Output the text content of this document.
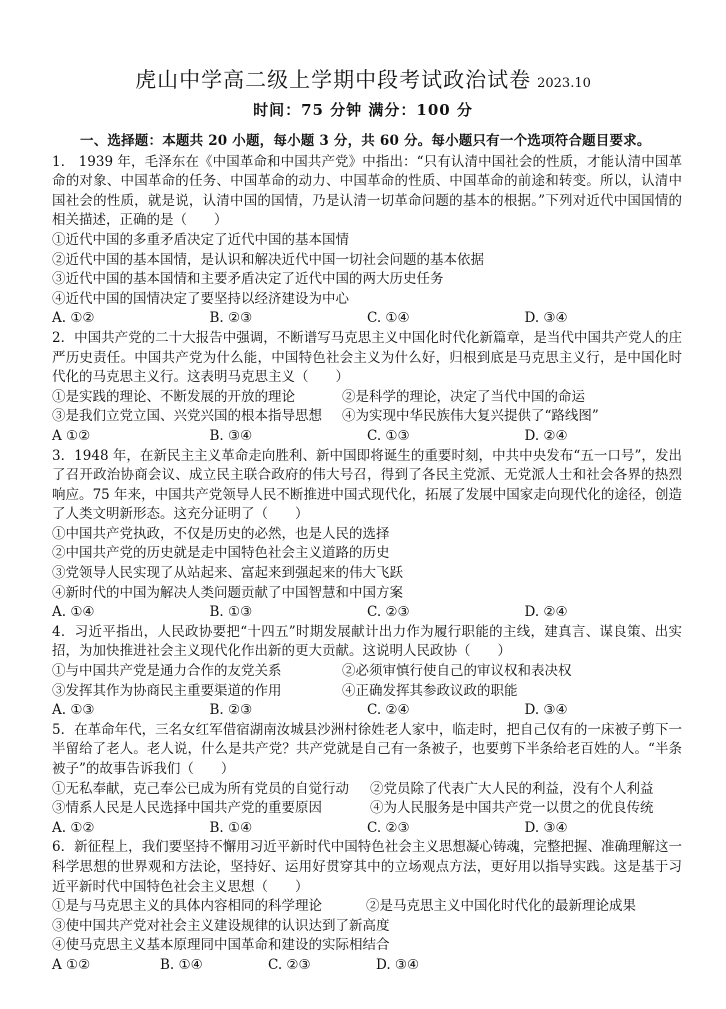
虎山中学高二级上学期中段考试政治试卷 2023.10
时间：75 分钟 满分：100 分
一、选择题：本题共 20 小题，每小题 3 分，共 60 分。每小题只有一个选项符合题目要求。
1． 1939 年，毛泽东在《中国革命和中国共产党》中指出：“只有认清中国社会的性质，才能认清中国革命的对象、中国革命的任务、中国革命的动力、中国革命的性质、中国革命的前途和转变。所以，认清中国社会的性质，就是说，认清中国的国情，乃是认清一切革命问题的基本的根据。”下列对近代中国国情的相关描述，正确的是（　　）
①近代中国的多重矛盾决定了近代中国的基本国情
②近代中国的基本国情，是认识和解决近代中国一切社会问题的基本依据
③近代中国的基本国情和主要矛盾决定了近代中国的两大历史任务
④近代中国的国情决定了要坚持以经济建设为中心
A. ①②	B. ②③	C. ①④	D. ③④
2．中国共产党的二十大报告中强调，不断谱写马克思主义中国化时代化新篇章，是当代中国共产党人的庄严历史责任。中国共产党为什么能，中国特色社会主义为什么好，归根到底是马克思主义行，是中国化时代化的马克思主义行。这表明马克思主义（　　）
①是实践的理论、不断发展的开放的理论	②是科学的理论，决定了当代中国的命运
③是我们立党立国、兴党兴国的根本指导思想	④为实现中华民族伟大复兴提供了“路线图”
A ①②	B. ③④	C. ①③	D. ②④
3．1948 年，在新民主主义革命走向胜利、新中国即将诞生的重要时刻，中共中央发布“五一口号”，发出了召开政治协商会议、成立民主联合政府的伟大号召，得到了各民主党派、无党派人士和社会各界的热烈响应。75 年来，中国共产党领导人民不断推进中国式现代化，拓展了发展中国家走向现代化的途径，创造了人类文明新形态。这充分证明了（　　）
①中国共产党执政，不仅是历史的必然，也是人民的选择
②中国共产党的历史就是走中国特色社会主义道路的历史
③党领导人民实现了从站起来、富起来到强起来的伟大飞跃
④新时代的中国为解决人类问题贡献了中国智慧和中国方案
A. ①④	B. ①③	C. ②③	D. ②④
4．习近平指出，人民政协要把“十四五”时期发展献计出力作为履行职能的主线，建真言、谋良策、出实招，为加快推进社会主义现代化作出新的更大贡献。这说明人民政协（　　）
①与中国共产党是通力合作的友党关系	②必须审慎行使自己的审议权和表决权
③发挥其作为协商民主重要渠道的作用	④正确发挥其参政议政的职能
A. ①③	B. ②③	C. ②④	D. ③④
5．在革命年代，三名女红军借宿湖南汝城县沙洲村徐姓老人家中，临走时，把自己仅有的一床被子剪下一半留给了老人。老人说，什么是共产党？共产党就是自己有一条被子，也要剪下半条给老百姓的人。“半条被子”的故事告诉我们（　　）
①无私奉献，克己奉公已成为所有党员的自觉行动	②党员除了代表广大人民的利益，没有个人利益
③情系人民是人民选择中国共产党的重要原因	④为人民服务是中国共产党一以贯之的优良传统
A. ①②	B. ①④	C. ②③	D. ③④
6．新征程上，我们要坚持不懈用习近平新时代中国特色社会主义思想凝心铸魂，完整把握、准确理解这一科学思想的世界观和方法论，坚持好、运用好贯穿其中的立场观点方法，更好用以指导实践。这是基于习近平新时代中国特色社会主义思想（　　）
①是与马克思主义的具体内容相同的科学理论	②是马克思主义中国化时代化的最新理论成果
③使中国共产党对社会主义建设规律的认识达到了新高度
④使马克思主义基本原理同中国革命和建设的实际相结合
A ①②	B. ①④	C. ②③	D. ③④
